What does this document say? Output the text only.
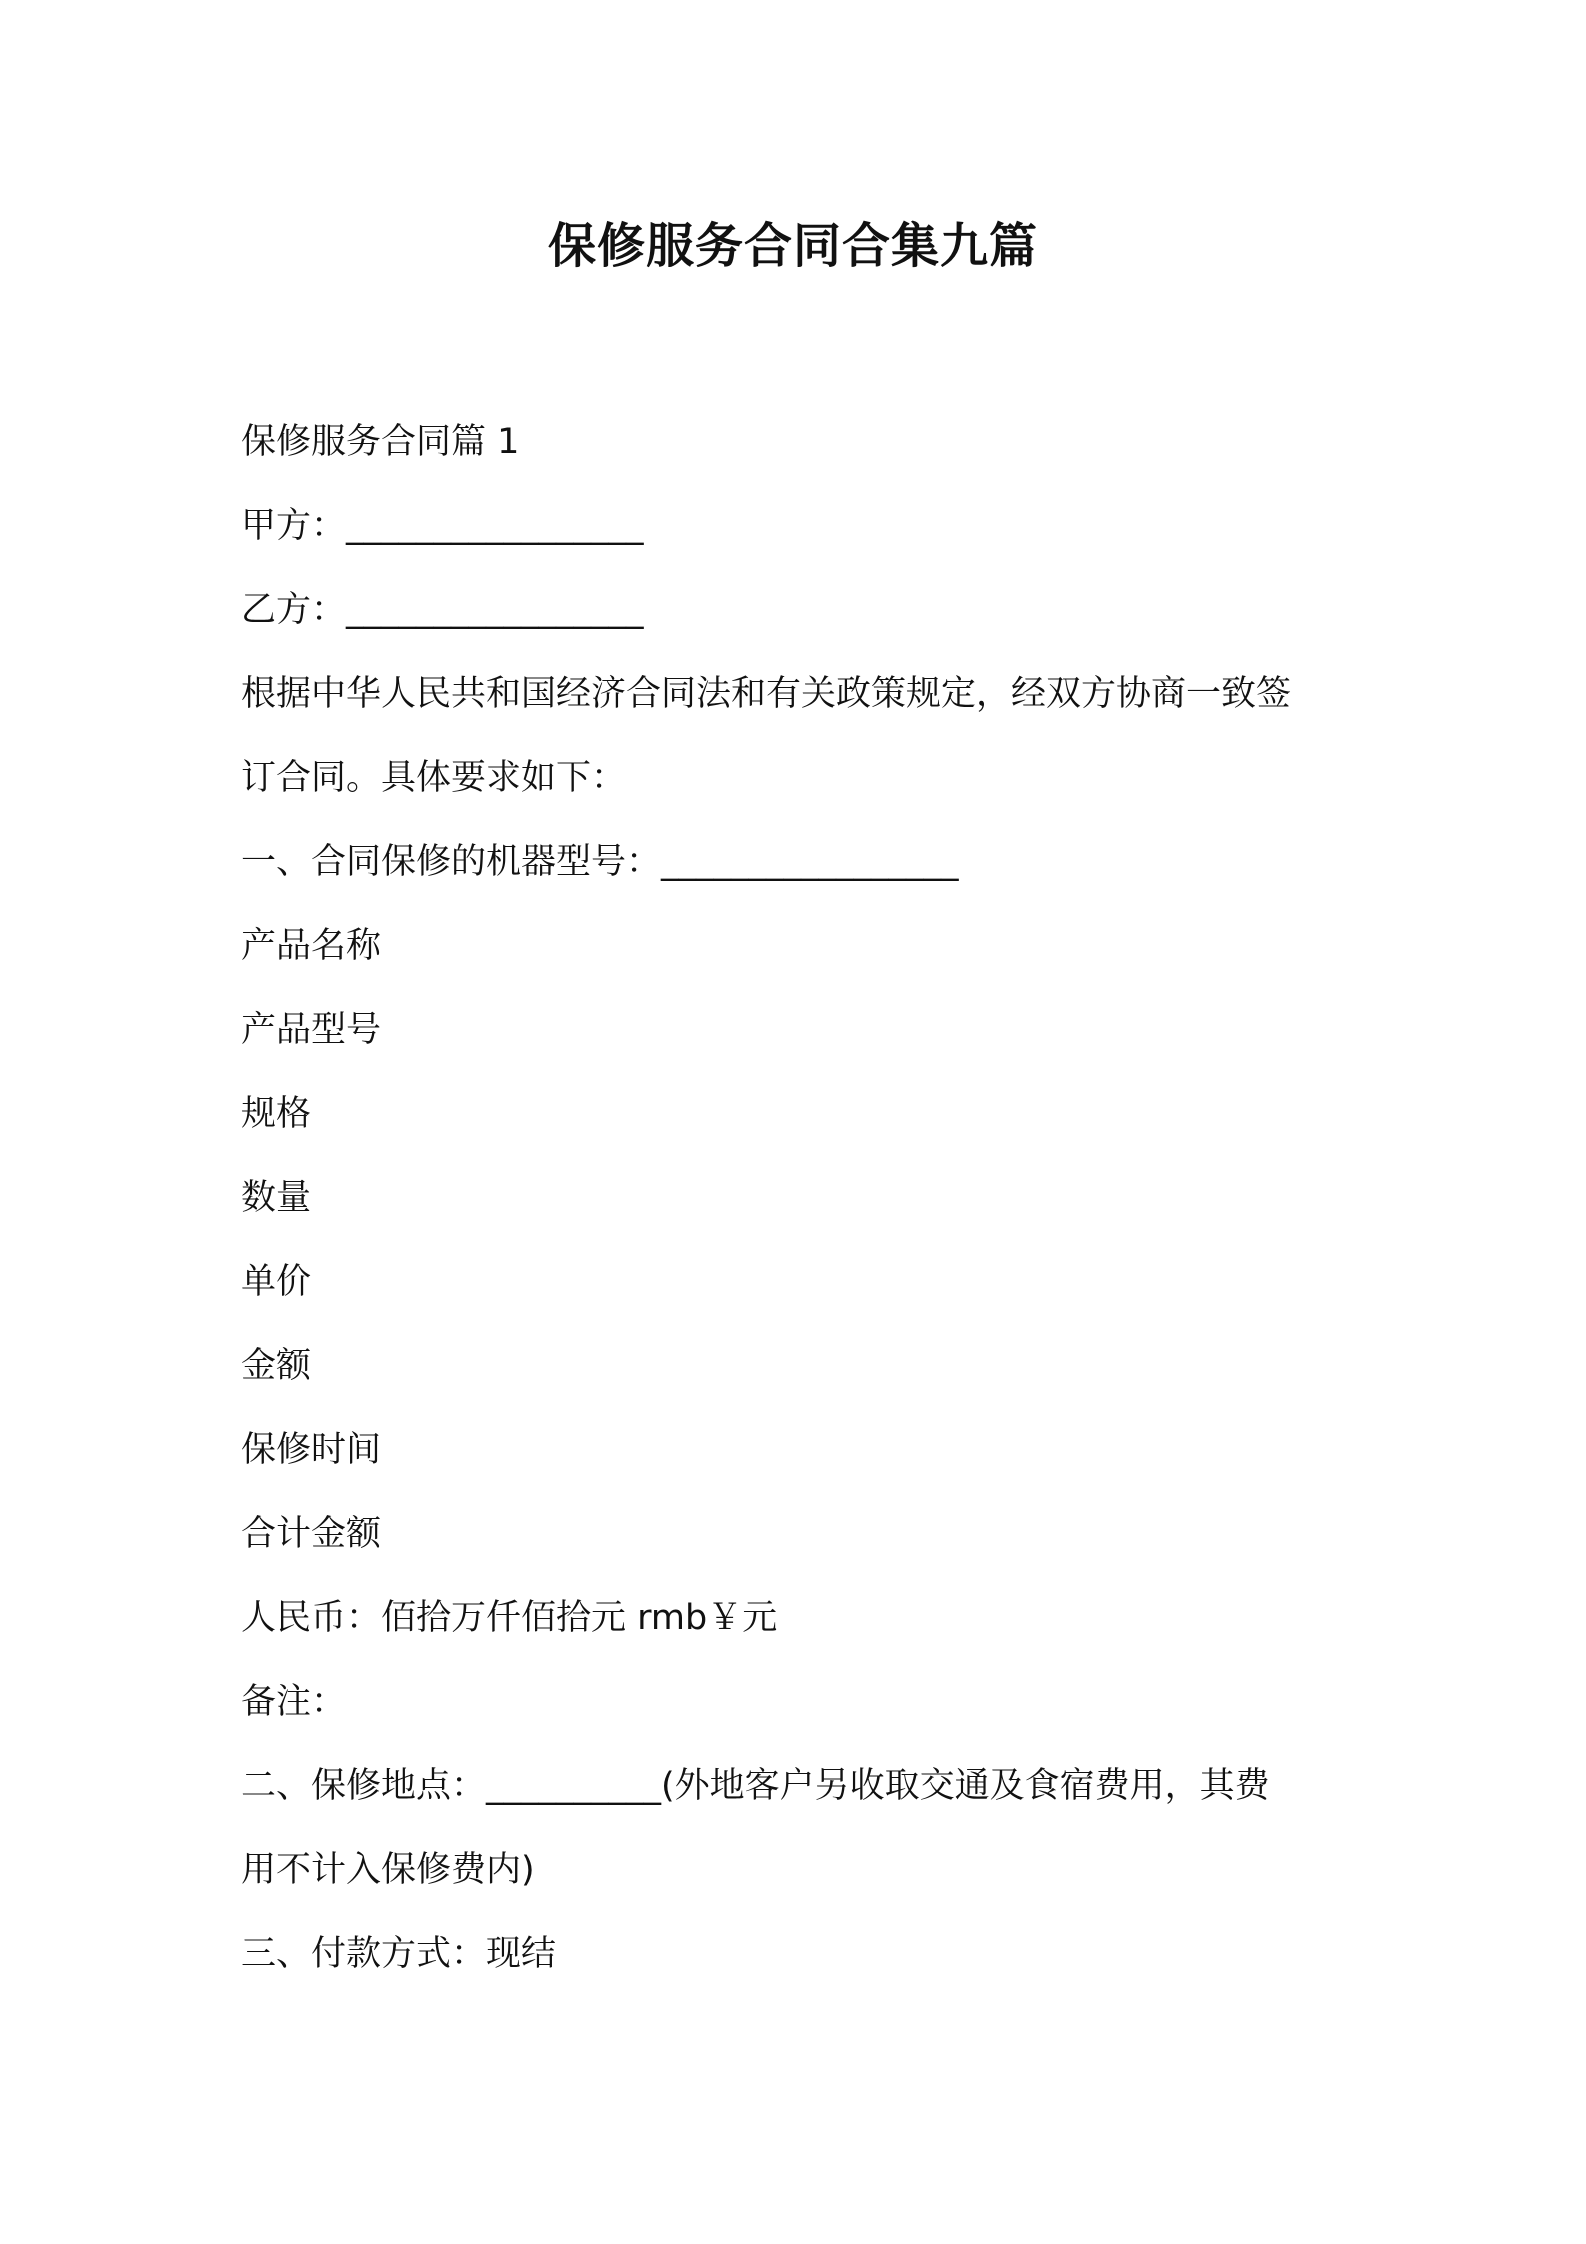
保修服务合同合集九篇
保修服务合同篇 1
甲方：_________________
乙方：_________________
根据中华人民共和国经济合同法和有关政策规定，经双方协商一致签
订合同。具体要求如下：
一、合同保修的机器型号：_________________
产品名称
产品型号
规格
数量
单价
金额
保修时间
合计金额
人民币：佰拾万仟佰拾元 rmb￥元
备注：
二、保修地点：__________(外地客户另收取交通及食宿费用，其费
用不计入保修费内)
三、付款方式：现结
